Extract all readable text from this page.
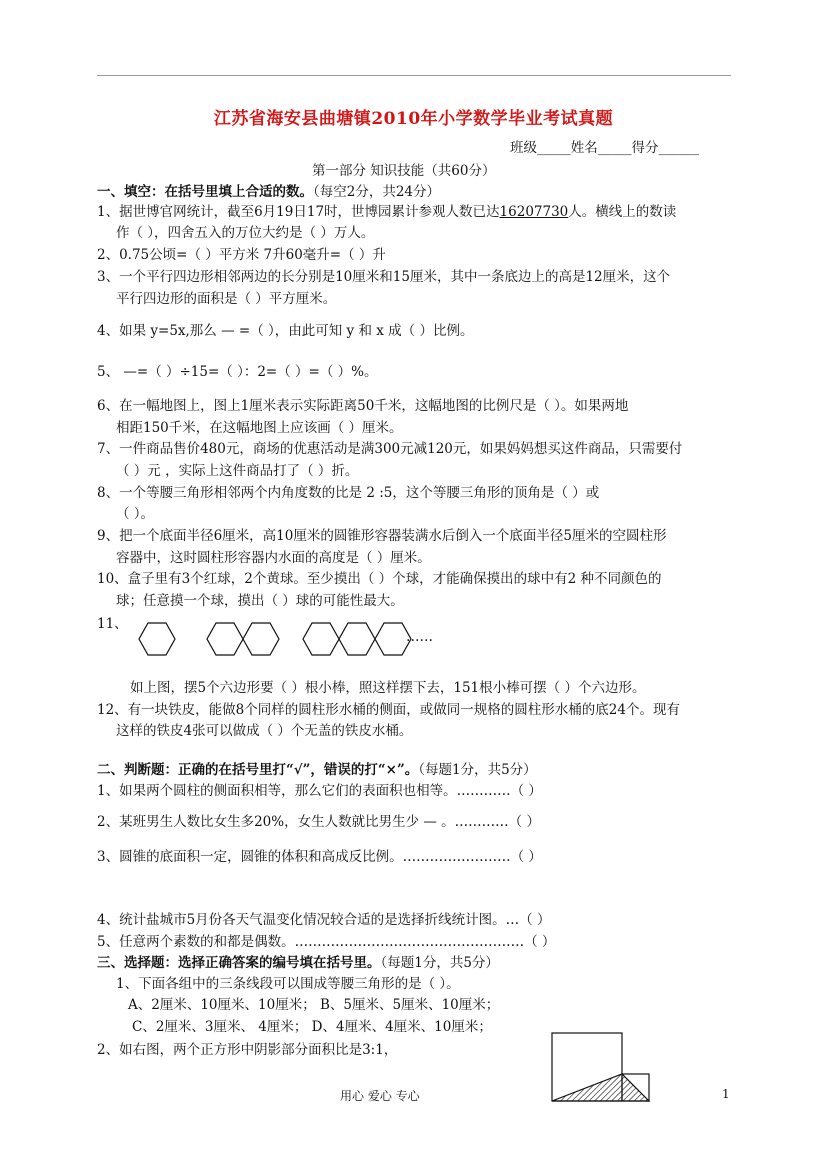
江苏省海安县曲塘镇2010年小学数学毕业考试真题
班级_____姓名_____得分______
第一部分 知识技能（共60分）
一、填空：在括号里填上合适的数。（每空2分，共24分）
1、据世博官网统计，截至6月19日17时，世博园累计参观人数已达16207730人。横线上的数读
作（ ），四舍五入的万位大约是（ ）万人。
2、0.75公顷=（ ）平方米 7升60毫升=（ ）升
3、一个平行四边形相邻两边的长分别是10厘米和15厘米，其中一条底边上的高是12厘米，这个
平行四边形的面积是（ ）平方厘米。
4、如果 y=5x,那么 — =（ ），由此可知 y 和 x 成（ ）比例。
5、 —=（ ）÷15=（ ）：2=（ ）=（ ）%。
6、在一幅地图上，图上1厘米表示实际距离50千米，这幅地图的比例尺是（ ）。如果两地
相距150千米，在这幅地图上应该画（ ）厘米。
7、一件商品售价480元，商场的优惠活动是满300元减120元，如果妈妈想买这件商品，只需要付
（ ）元 ，实际上这件商品打了（ ）折。
8、一个等腰三角形相邻两个内角度数的比是 2 :5，这个等腰三角形的顶角是（ ）或
（ ）。
9、把一个底面半径6厘米，高10厘米的圆锥形容器装满水后倒入一个底面半径5厘米的空圆柱形
容器中，这时圆柱形容器内水面的高度是（ ）厘米。
10、盒子里有3个红球，2个黄球。至少摸出（ ）个球，才能确保摸出的球中有2 种不同颜色的
球；任意摸一个球，摸出（ ）球的可能性最大。
11、
……
如上图，摆5个六边形要（ ）根小棒，照这样摆下去，151根小棒可摆（ ）个六边形。
12、有一块铁皮，能做8个同样的圆柱形水桶的侧面，或做同一规格的圆柱形水桶的底24个。现有
这样的铁皮4张可以做成（ ）个无盖的铁皮水桶。
二、判断题：正确的在括号里打“√”，错误的打“×”。（每题1分，共5分）
1、如果两个圆柱的侧面积相等，那么它们的表面积也相等。…………（ ）
2、某班男生人数比女生多20%，女生人数就比男生少 — 。…………（ ）
3、圆锥的底面积一定，圆锥的体积和高成反比例。……………………（ ）
4、统计盐城市5月份各天气温变化情况较合适的是选择折线统计图。…（ ）
5、任意两个素数的和都是偶数。……………………………………………（ ）
三、选择题：选择正确答案的编号填在括号里。（每题1分，共5分）
1、下面各组中的三条线段可以围成等腰三角形的是（ ）。
A、2厘米、10厘米、10厘米； B、5厘米、5厘米、10厘米；
C、2厘米、3厘米、 4厘米； D、4厘米、4厘米、10厘米；
2、如右图，两个正方形中阴影部分面积比是3:1，
用心 爱心 专心	1
